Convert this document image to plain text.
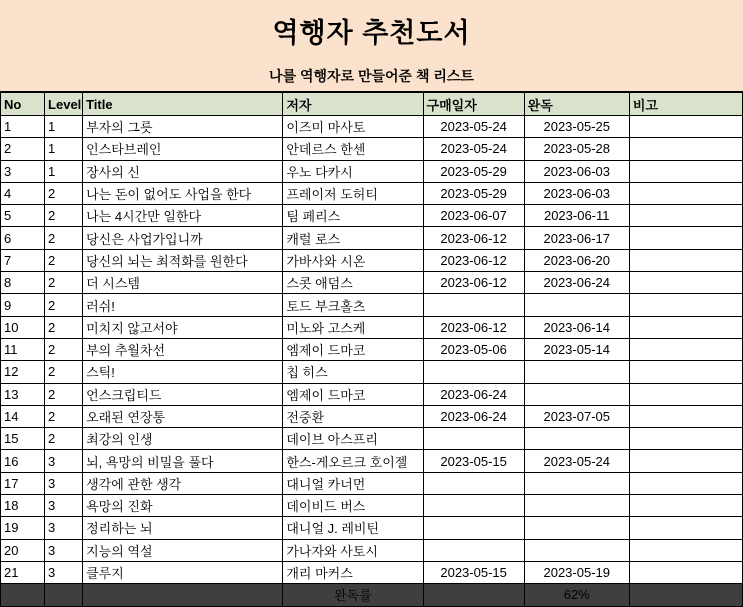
역행자 추천도서
나를 역행자로 만들어준 책 리스트
No	Level	Title	저자	구매일자	완독	비고
1	1	부자의 그릇	이즈미 마사토	2023-05-24	2023-05-25	
2	1	인스타브레인	안데르스 한센	2023-05-24	2023-05-28	
3	1	장사의 신	우노 다카시	2023-05-29	2023-06-03	
4	2	나는 돈이 없어도 사업을 한다	프레이저 도허티	2023-05-29	2023-06-03	
5	2	나는 4시간만 일한다	팀 페리스	2023-06-07	2023-06-11	
6	2	당신은 사업가입니까	캐럴 로스	2023-06-12	2023-06-17	
7	2	당신의 뇌는 최적화를 원한다	가바사와 시온	2023-06-12	2023-06-20	
8	2	더 시스템	스콧 애덤스	2023-06-12	2023-06-24	
9	2	러쉬!	토드 부크홀츠			
10	2	미치지 않고서야	미노와 고스케	2023-06-12	2023-06-14	
11	2	부의 추월차선	엠제이 드마코	2023-05-06	2023-05-14	
12	2	스틱!	칩 히스			
13	2	언스크립티드	엠제이 드마코	2023-06-24		
14	2	오래된 연장통	전중환	2023-06-24	2023-07-05	
15	2	최강의 인생	데이브 아스프리			
16	3	뇌, 욕망의 비밀을 풀다	한스-게오르크 호이젤	2023-05-15	2023-05-24	
17	3	생각에 관한 생각	대니얼 카너먼			
18	3	욕망의 진화	데이비드 버스			
19	3	정리하는 뇌	대니얼 J. 레비틴			
20	3	지능의 역설	가나자와 사토시			
21	3	클루지	개리 마커스	2023-05-15	2023-05-19	
			완독률		62%	
